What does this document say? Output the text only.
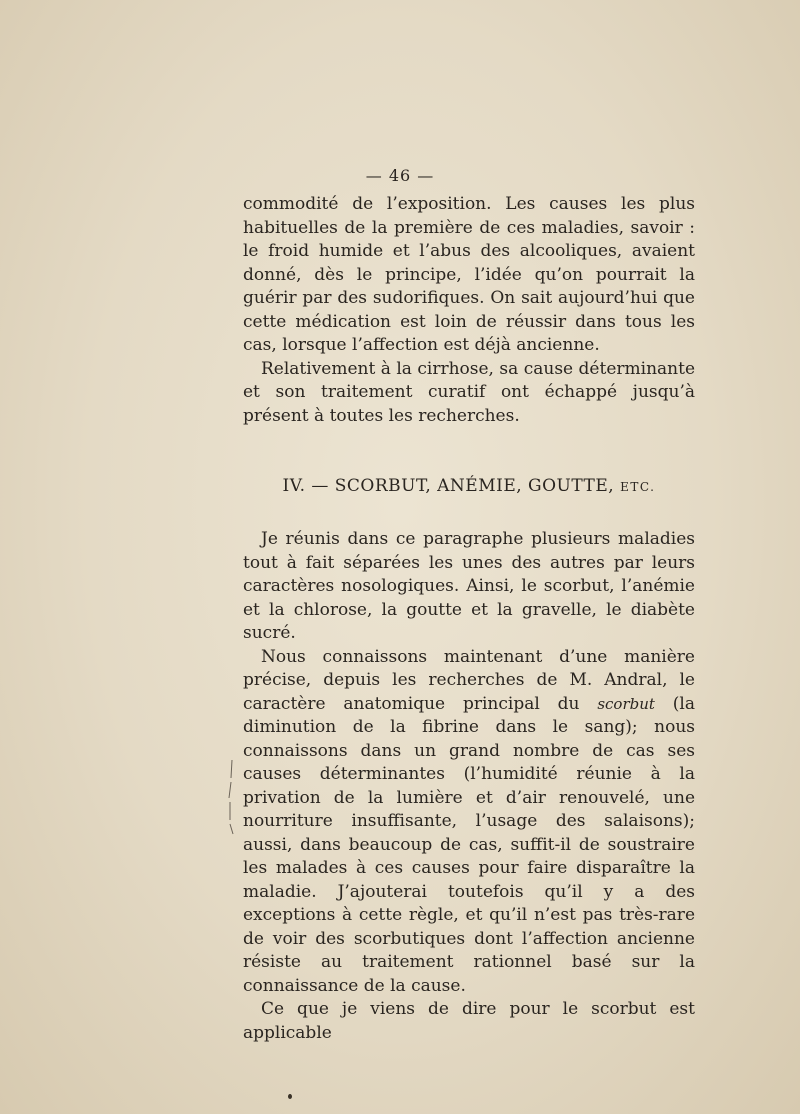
— 46 —

commodité de l’exposition. Les causes les plus habituelles de la première de ces maladies, savoir : le froid humide et l’abus des alcooliques, avaient donné, dès le principe, l’idée qu’on pourrait la guérir par des sudorifiques. On sait aujourd’hui que cette médication est loin de réussir dans tous les cas, lorsque l’affection est déjà ancienne.

Relativement à la cirrhose, sa cause déterminante et son traitement curatif ont échappé jusqu’à présent à toutes les recherches.

IV. — SCORBUT, ANÉMIE, GOUTTE, ETC.

Je réunis dans ce paragraphe plusieurs maladies tout à fait séparées les unes des autres par leurs caractères nosologiques. Ainsi, le scorbut, l’anémie et la chlorose, la goutte et la gravelle, le diabète sucré.

Nous connaissons maintenant d’une manière précise, depuis les recherches de M. Andral, le caractère anatomique principal du scorbut (la diminution de la fibrine dans le sang); nous connaissons dans un grand nombre de cas ses causes déterminantes (l’humidité réunie à la privation de la lumière et d’air renouvelé, une nourriture insuffisante, l’usage des salaisons); aussi, dans beaucoup de cas, suffit-il de soustraire les malades à ces causes pour faire disparaître la maladie. J’ajouterai toutefois qu’il y a des exceptions à cette règle, et qu’il n’est pas très-rare de voir des scorbutiques dont l’affection ancienne résiste au traitement rationnel basé sur la connaissance de la cause.

Ce que je viens de dire pour le scorbut est applicable
